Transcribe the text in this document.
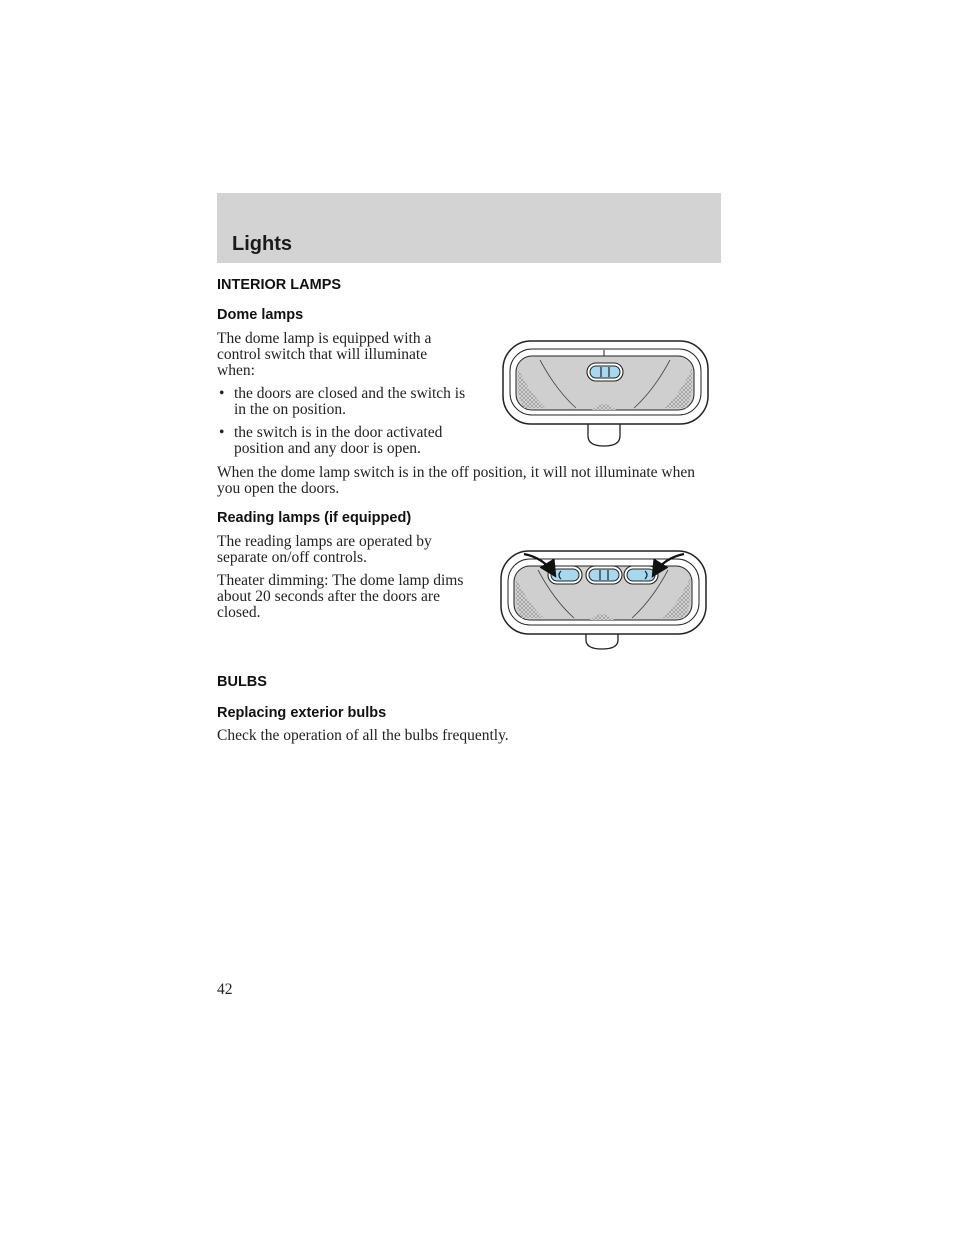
Lights
INTERIOR LAMPS
Dome lamps

The dome lamp is equipped with a control switch that will illuminate when:

• the doors are closed and the switch is in the on position.
• the switch is in the door activated position and any door is open.

When the dome lamp switch is in the off position, it will not illuminate when you open the doors.

Reading lamps (if equipped)

The reading lamps are operated by separate on/off controls.

Theater dimming: The dome lamp dims about 20 seconds after the doors are closed.

BULBS
Replacing exterior bulbs

Check the operation of all the bulbs frequently.

42
